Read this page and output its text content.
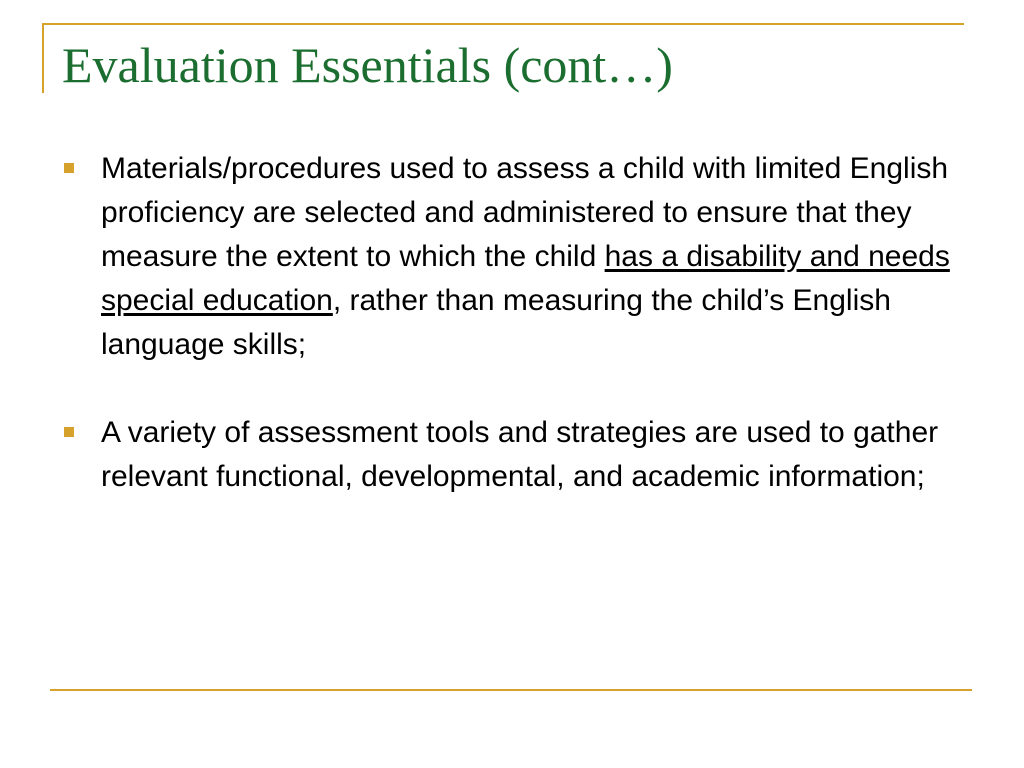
Evaluation Essentials (cont…)
Materials/procedures used to assess a child with limited English proficiency are selected and administered to ensure that they measure the extent to which the child has a disability and needs special education, rather than measuring the child’s English language skills;
A variety of assessment tools and strategies are used to gather relevant functional, developmental, and academic information;
